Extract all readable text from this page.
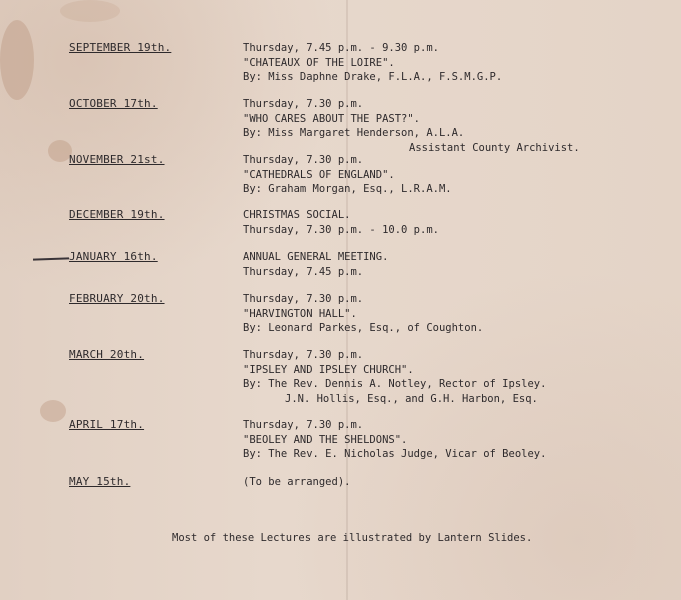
SEPTEMBER 19th.	Thursday, 7.45 p.m. - 9.30 p.m.
"CHATEAUX OF THE LOIRE".
By: Miss Daphne Drake, F.L.A., F.S.M.G.P.
OCTOBER 17th.	Thursday, 7.30 p.m.
"WHO CARES ABOUT THE PAST?".
By: Miss Margaret Henderson, A.L.A.
Assistant County Archivist.
NOVEMBER 21st.	Thursday, 7.30 p.m.
"CATHEDRALS OF ENGLAND".
By: Graham Morgan, Esq., L.R.A.M.
DECEMBER 19th.	CHRISTMAS SOCIAL.
Thursday, 7.30 p.m. - 10.0 p.m.
JANUARY 16th.	ANNUAL GENERAL MEETING.
Thursday, 7.45 p.m.
FEBRUARY 20th.	Thursday, 7.30 p.m.
"HARVINGTON HALL".
By: Leonard Parkes, Esq., of Coughton.
MARCH 20th.	Thursday, 7.30 p.m.
"IPSLEY AND IPSLEY CHURCH".
By: The Rev. Dennis A. Notley, Rector of Ipsley.
J.N. Hollis, Esq., and G.H. Harbon, Esq.
APRIL 17th.	Thursday, 7.30 p.m.
"BEOLEY AND THE SHELDONS".
By: The Rev. E. Nicholas Judge, Vicar of Beoley.
MAY 15th.	(To be arranged).
Most of these Lectures are illustrated by Lantern Slides.
